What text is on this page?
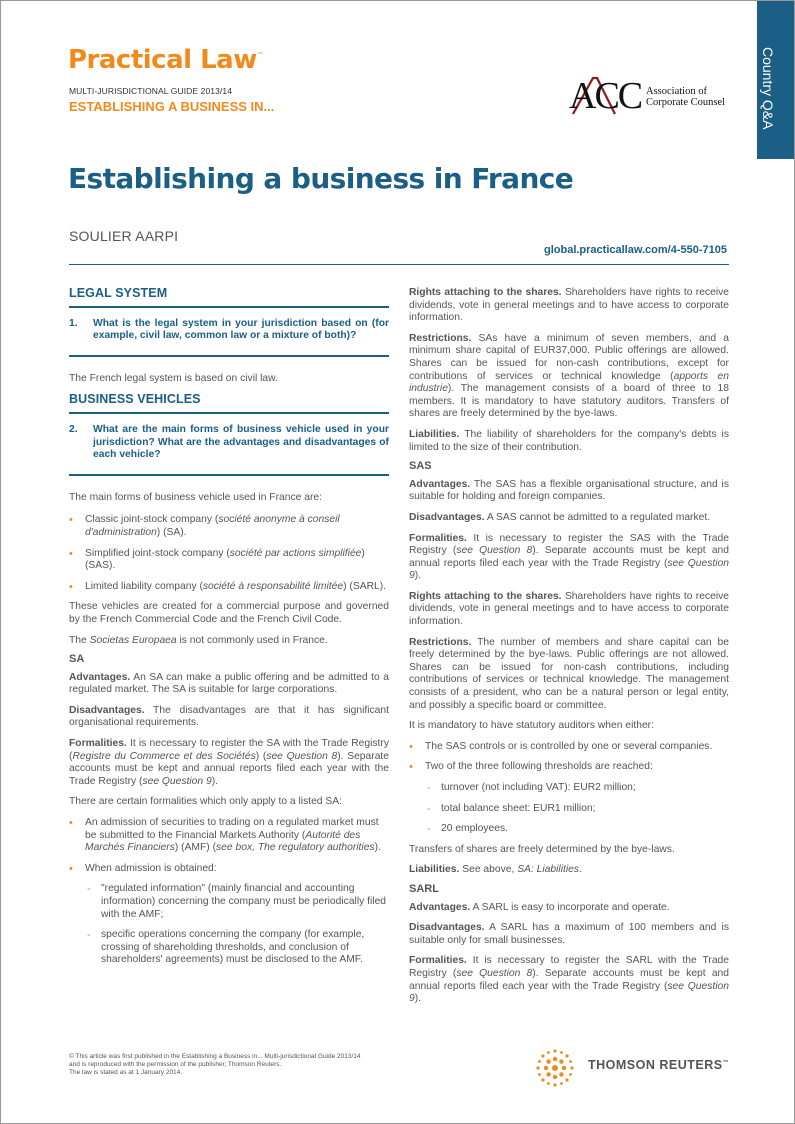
Practical Law™
MULTI-JURISDICTIONAL GUIDE 2013/14
ESTABLISHING A BUSINESS IN...	ACC Association of
Corporate Counsel Country Q&A
Establishing a business in France
SOULIER AARPI
global.practicallaw.com/4-550-7105
LEGAL SYSTEM
1.	What is the legal system in your jurisdiction based on (for example, civil law, common law or a mixture of both)?

The French legal system is based on civil law.

BUSINESS VEHICLES
2.	What are the main forms of business vehicle used in your jurisdiction? What are the advantages and disadvantages of each vehicle?

The main forms of business vehicle used in France are:

• Classic joint-stock company (société anonyme à conseil d'administration) (SA).
• Simplified joint-stock company (société par actions simplifiée) (SAS).
• Limited liability company (société à responsabilité limitée) (SARL).

These vehicles are created for a commercial purpose and governed by the French Commercial Code and the French Civil Code.

The Societas Europaea is not commonly used in France.

SA

Advantages. An SA can make a public offering and be admitted to a regulated market. The SA is suitable for large corporations.

Disadvantages. The disadvantages are that it has significant organisational requirements.

Formalities. It is necessary to register the SA with the Trade Registry (Registre du Commerce et des Sociétés) (see Question 8). Separate accounts must be kept and annual reports filed each year with the Trade Registry (see Question 9).

There are certain formalities which only apply to a listed SA:

• An admission of securities to trading on a regulated market must be submitted to the Financial Markets Authority (Autorité des Marchés Financiers) (AMF) (see box, The regulatory authorities).
• When admission is obtained:
- "regulated information" (mainly financial and accounting information) concerning the company must be periodically filed with the AMF;
- specific operations concerning the company (for example, crossing of shareholding thresholds, and conclusion of shareholders' agreements) must be disclosed to the AMF.

Rights attaching to the shares. Shareholders have rights to receive dividends, vote in general meetings and to have access to corporate information.

Restrictions. SAs have a minimum of seven members, and a minimum share capital of EUR37,000. Public offerings are allowed. Shares can be issued for non-cash contributions, except for contributions of services or technical knowledge (apports en industrie). The management consists of a board of three to 18 members. It is mandatory to have statutory auditors. Transfers of shares are freely determined by the bye-laws.

Liabilities. The liability of shareholders for the company's debts is limited to the size of their contribution.

SAS

Advantages. The SAS has a flexible organisational structure, and is suitable for holding and foreign companies.

Disadvantages. A SAS cannot be admitted to a regulated market.

Formalities. It is necessary to register the SAS with the Trade Registry (see Question 8). Separate accounts must be kept and annual reports filed each year with the Trade Registry (see Question 9).

Rights attaching to the shares. Shareholders have rights to receive dividends, vote in general meetings and to have access to corporate information.

Restrictions. The number of members and share capital can be freely determined by the bye-laws. Public offerings are not allowed. Shares can be issued for non-cash contributions, including contributions of services or technical knowledge. The management consists of a president, who can be a natural person or legal entity, and possibly a specific board or committee.

It is mandatory to have statutory auditors when either:

• The SAS controls or is controlled by one or several companies.
• Two of the three following thresholds are reached:
- turnover (not including VAT): EUR2 million;
- total balance sheet: EUR1 million;
- 20 employees.

Transfers of shares are freely determined by the bye-laws.

Liabilities. See above, SA: Liabilities.

SARL

Advantages. A SARL is easy to incorporate and operate.

Disadvantages. A SARL has a maximum of 100 members and is suitable only for small businesses.

Formalities. It is necessary to register the SARL with the Trade Registry (see Question 8). Separate accounts must be kept and annual reports filed each year with the Trade Registry (see Question 9).

© This article was first published in the Establishing a Business in... Multi-jurisdictional Guide 2013/14
and is reproduced with the permission of the publisher, Thomson Reuters.
The law is stated as at 1 January 2014.
THOMSON REUTERS™
